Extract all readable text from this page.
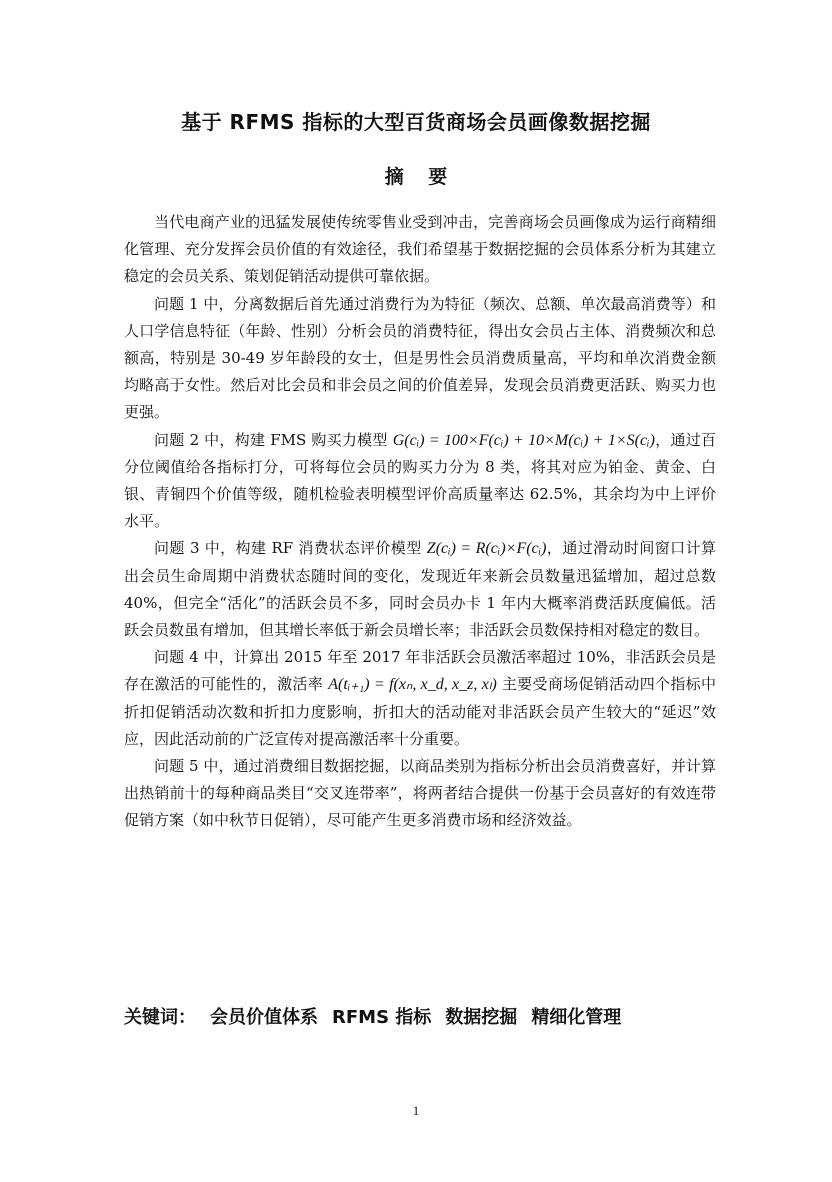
基于 RFMS 指标的大型百货商场会员画像数据挖掘
摘 要

当代电商产业的迅猛发展使传统零售业受到冲击，完善商场会员画像成为运行商精细化管理、充分发挥会员价值的有效途径，我们希望基于数据挖掘的会员体系分析为其建立稳定的会员关系、策划促销活动提供可靠依据。

问题 1 中，分离数据后首先通过消费行为为特征（频次、总额、单次最高消费等）和人口学信息特征（年龄、性别）分析会员的消费特征，得出女会员占主体、消费频次和总额高，特别是 30-49 岁年龄段的女士，但是男性会员消费质量高，平均和单次消费金额均略高于女性。然后对比会员和非会员之间的价值差异，发现会员消费更活跃、购买力也更强。

问题 2 中，构建 FMS 购买力模型 G(cᵢ) = 100×F(cᵢ) + 10×M(cᵢ) + 1×S(cᵢ)，通过百分位阈值给各指标打分，可将每位会员的购买力分为 8 类，将其对应为铂金、黄金、白银、青铜四个价值等级，随机检验表明模型评价高质量率达 62.5%，其余均为中上评价水平。

问题 3 中，构建 RF 消费状态评价模型 Z(cᵢ) = R(cᵢ)×F(cᵢ)，通过滑动时间窗口计算出会员生命周期中消费状态随时间的变化，发现近年来新会员数量迅猛增加，超过总数 40%，但完全“活化”的活跃会员不多，同时会员办卡 1 年内大概率消费活跃度偏低。活跃会员数虽有增加，但其增长率低于新会员增长率；非活跃会员数保持相对稳定的数目。

问题 4 中，计算出 2015 年至 2017 年非活跃会员激活率超过 10%，非活跃会员是存在激活的可能性的，激活率 A(tᵢ₊₁) = f(xₙ, x_d, x_z, xₗ) 主要受商场促销活动四个指标中折扣促销活动次数和折扣力度影响，折扣大的活动能对非活跃会员产生较大的“延迟”效应，因此活动前的广泛宣传对提高激活率十分重要。

问题 5 中，通过消费细目数据挖掘，以商品类别为指标分析出会员消费喜好，并计算出热销前十的每种商品类目“交叉连带率”，将两者结合提供一份基于会员喜好的有效连带促销方案（如中秋节日促销），尽可能产生更多消费市场和经济效益。

关键词： 会员价值体系 RFMS 指标 数据挖掘 精细化管理
1
